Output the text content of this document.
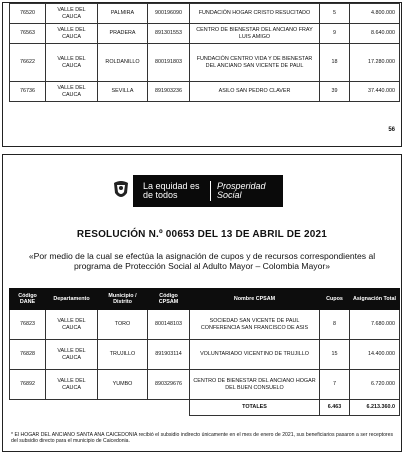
76520	VALLE DEL CAUCA	PALMIRA	900196090	FUNDACIÓN HOGAR CRISTO RESUCITADO	5	4.800.000
76563	VALLE DEL CAUCA	PRADERA	891301553	CENTRO DE BIENESTAR DEL ANCIANO FRAY LUIS AMIGO	9	8.640.000
76622	VALLE DEL CAUCA	ROLDANILLO	800191803	FUNDACIÓN CENTRO VIDA Y DE BIENESTAR DEL ANCIANO SAN VICENTE DE PAUL	18	17.280.000
76736	VALLE DEL CAUCA	SEVILLA	891903236	ASILO SAN PEDRO CLAVER	39	37.440.000
56
La equidad es de todos
Prosperidad Social
RESOLUCIÓN N.º 00653 DEL 13 DE ABRIL DE 2021
«Por medio de la cual se efectúa la asignación de cupos y de recursos correspondientes al programa de Protección Social al Adulto Mayor – Colombia Mayor»
Código DANE	Departamento	Municipio / Distrito	Código CPSAM	Nombre CPSAM	Cupos	Asignación Total
76823	VALLE DEL CAUCA	TORO	800148103	SOCIEDAD SAN VICENTE DE PAUL CONFERENCIA SAN FRANCISCO DE ASIS	8	7.680.000
76828	VALLE DEL CAUCA	TRUJILLO	891903114	VOLUNTARIADO VICENTINO DE TRUJILLO	15	14.400.000
76892	VALLE DEL CAUCA	YUMBO	890329676	CENTRO DE BIENESTAR DEL ANCIANO HOGAR DEL BUEN CONSUELO	7	6.720.000
				TOTALES	6.463	6.213.360.0
* El HOGAR DEL ANCIANO SANTA ANA CAICEDONIA recibió el subsidio indirecto únicamente en el mes de enero de 2021, sus beneficiarios pasaron a ser receptores del subsidio directo para el municipio de Caicedonia.
